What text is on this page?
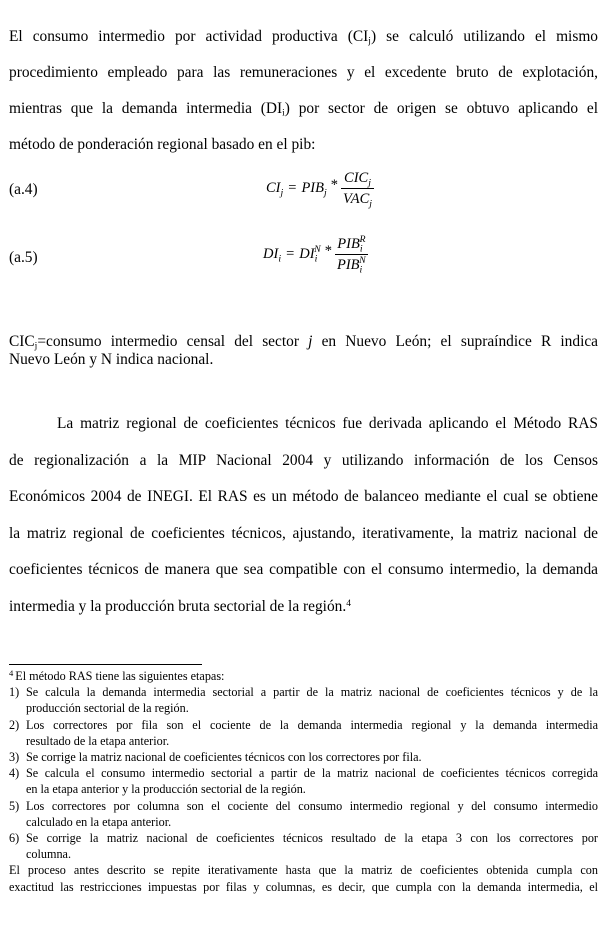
El consumo intermedio por actividad productiva $(CI_j)$ se calculó utilizando el mismo
procedimiento empleado para las remuneraciones y el excedente bruto de explotación,
mientras que la demanda intermedia $(DI_i)$ por sector de origen se obtuvo aplicando el
método de ponderación regional basado en el pib:
(a.4)	$CI_j = PIB_j * \frac{CIC_j}{VAC_j}$
(a.5)	$DI_i = DI_i^N * \frac{PIB_i^R}{PIB_i^N}$
$CIC_j=consumo$ intermedio censal del sector j en Nuevo León; el supraíndice R indica
Nuevo León y N indica nacional.
La matriz regional de coeficientes técnicos fue derivada aplicando el Método RAS
de regionalización a la MIP Nacional 2004 y utilizando información de los Censos
Económicos 2004 de INEGI. El RAS es un método de balanceo mediante el cual se obtiene
la matriz regional de coeficientes técnicos, ajustando, iterativamente, la matriz nacional de
coeficientes técnicos de manera que sea compatible con el consumo intermedio, la demanda
intermedia y la producción bruta sectorial de la región.$^4$
$^4$ El método RAS tiene las siguientes etapas:
1) Se calcula la demanda intermedia sectorial a partir de la matriz nacional de coeficientes técnicos y de la
producción sectorial de la región.
2) Los correctores por fila son el cociente de la demanda intermedia regional y la demanda intermedia
resultado de la etapa anterior.
3) Se corrige la matriz nacional de coeficientes técnicos con los correctores por fila.
4) Se calcula el consumo intermedio sectorial a partir de la matriz nacional de coeficientes técnicos corregida
en la etapa anterior y la producción sectorial de la región.
5) Los correctores por columna son el cociente del consumo intermedio regional y del consumo intermedio
calculado en la etapa anterior.
6) Se corrige la matriz nacional de coeficientes técnicos resultado de la etapa 3 con los correctores por
columna.
El proceso antes descrito se repite iterativamente hasta que la matriz de coeficientes obtenida cumpla con
exactitud las restricciones impuestas por filas y columnas, es decir, que cumpla con la demanda intermedia, el
